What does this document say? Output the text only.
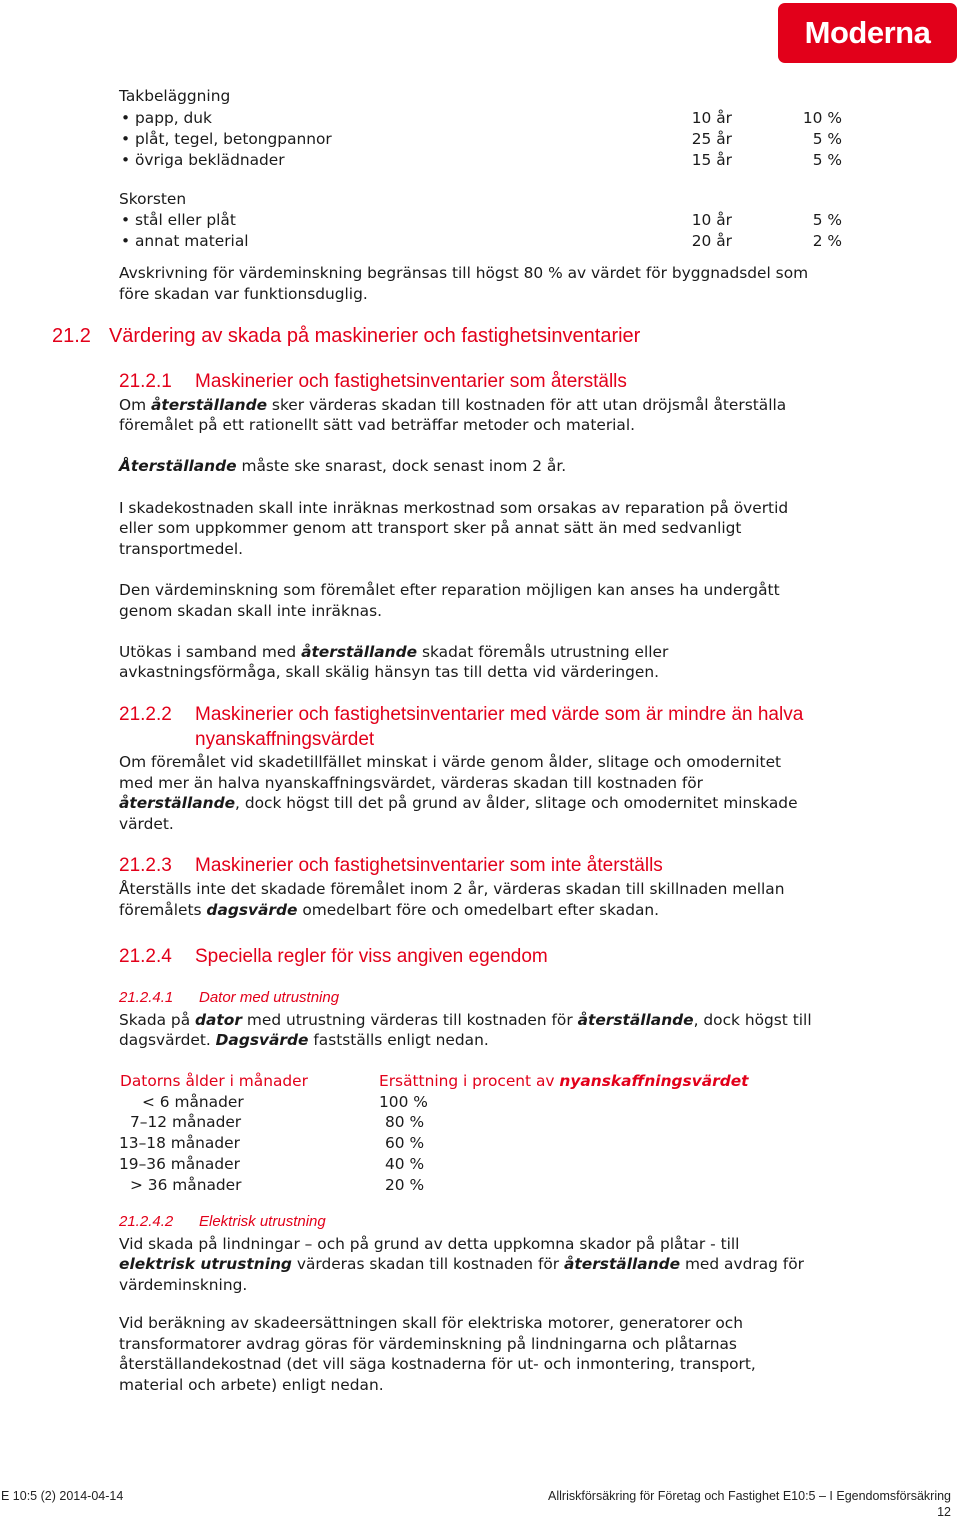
Moderna
Takbeläggning
• papp, duk	10 år	10 %
• plåt, tegel, betongpannor	25 år	5 %
• övriga beklädnader	15 år	5 %
Skorsten
• stål eller plåt	10 år	5 %
• annat material	20 år	2 %
Avskrivning för värdeminskning begränsas till högst 80 % av värdet för byggnadsdel som
före skadan var funktionsduglig.
21.2 Värdering av skada på maskinerier och fastighetsinventarier
21.2.1 Maskinerier och fastighetsinventarier som återställs
Om återställande sker värderas skadan till kostnaden för att utan dröjsmål återställa
föremålet på ett rationellt sätt vad beträffar metoder och material.
Återställande måste ske snarast, dock senast inom 2 år.
I skadekostnaden skall inte inräknas merkostnad som orsakas av reparation på övertid
eller som uppkommer genom att transport sker på annat sätt än med sedvanligt
transportmedel.
Den värdeminskning som föremålet efter reparation möjligen kan anses ha undergått
genom skadan skall inte inräknas.
Utökas i samband med återställande skadat föremåls utrustning eller
avkastningsförmåga, skall skälig hänsyn tas till detta vid värderingen.
21.2.2 Maskinerier och fastighetsinventarier med värde som är mindre än halva
nyanskaffningsvärdet
Om föremålet vid skadetillfället minskat i värde genom ålder, slitage och omodernitet
med mer än halva nyanskaffningsvärdet, värderas skadan till kostnaden för
återställande, dock högst till det på grund av ålder, slitage och omodernitet minskade
värdet.
21.2.3 Maskinerier och fastighetsinventarier som inte återställs
Återställs inte det skadade föremålet inom 2 år, värderas skadan till skillnaden mellan
föremålets dagsvärde omedelbart före och omedelbart efter skadan.
21.2.4 Speciella regler för viss angiven egendom
21.2.4.1 Dator med utrustning
Skada på dator med utrustning värderas till kostnaden för återställande, dock högst till
dagsvärdet. Dagsvärde fastställs enligt nedan.
Datorns ålder i månader	Ersättning i procent av nyanskaffningsvärdet
< 6 månader	100 %
7–12 månader	80 %
13–18 månader	60 %
19–36 månader	40 %
> 36 månader	20 %
21.2.4.2 Elektrisk utrustning
Vid skada på lindningar – och på grund av detta uppkomna skador på plåtar - till
elektrisk utrustning värderas skadan till kostnaden för återställande med avdrag för
värdeminskning.
Vid beräkning av skadeersättningen skall för elektriska motorer, generatorer och
transformatorer avdrag göras för värdeminskning på lindningarna och plåtarnas
återställandekostnad (det vill säga kostnaderna för ut- och inmontering, transport,
material och arbete) enligt nedan.
E 10:5 (2) 2014-04-14	Allriskförsäkring för Företag och Fastighet E10:5 – I Egendomsförsäkring
12
